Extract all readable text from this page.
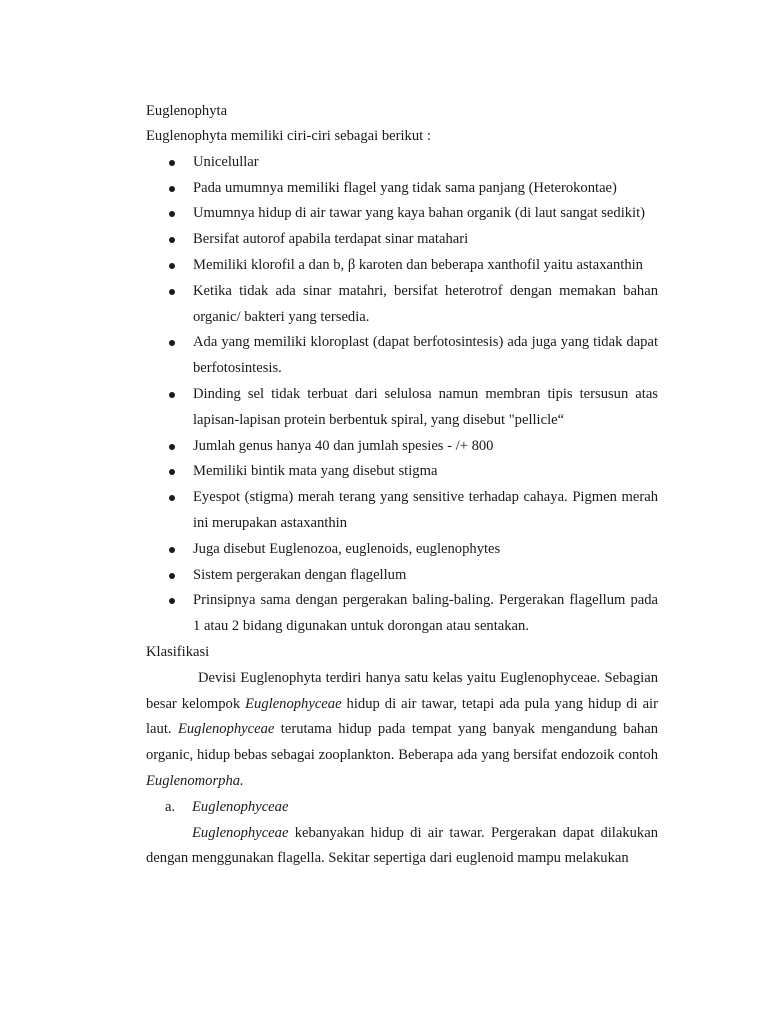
Euglenophyta
Euglenophyta memiliki ciri-ciri sebagai berikut :
Unicelullar
Pada umumnya memiliki flagel yang tidak sama panjang (Heterokontae)
Umumnya hidup di air tawar yang kaya bahan organik (di laut sangat sedikit)
Bersifat autorof apabila terdapat sinar matahari
Memiliki klorofil a dan b, β karoten dan beberapa xanthofil yaitu astaxanthin
Ketika tidak ada sinar matahri, bersifat heterotrof dengan memakan bahan organic/ bakteri yang tersedia.
Ada yang memiliki kloroplast (dapat berfotosintesis) ada juga yang tidak dapat berfotosintesis.
Dinding sel tidak terbuat dari selulosa namun membran tipis tersusun atas lapisan-lapisan protein berbentuk spiral, yang disebut "pellicle“
Jumlah genus hanya 40 dan jumlah spesies - /+ 800
Memiliki bintik mata yang disebut stigma
Eyespot (stigma) merah terang yang sensitive terhadap cahaya. Pigmen merah ini merupakan astaxanthin
Juga disebut Euglenozoa, euglenoids, euglenophytes
Sistem pergerakan dengan flagellum
Prinsipnya sama dengan pergerakan baling-baling. Pergerakan flagellum pada 1 atau 2 bidang digunakan untuk dorongan atau sentakan.
Klasifikasi
Devisi Euglenophyta terdiri hanya satu kelas yaitu Euglenophyceae. Sebagian besar kelompok Euglenophyceae hidup di air tawar, tetapi ada pula yang hidup di air laut. Euglenophyceae terutama hidup pada tempat yang banyak mengandung bahan organic, hidup bebas sebagai zooplankton. Beberapa ada yang bersifat endozoik contoh Euglenomorpha.
a. Euglenophyceae
Euglenophyceae kebanyakan hidup di air tawar. Pergerakan dapat dilakukan dengan menggunakan flagella. Sekitar sepertiga dari euglenoid mampu melakukan
